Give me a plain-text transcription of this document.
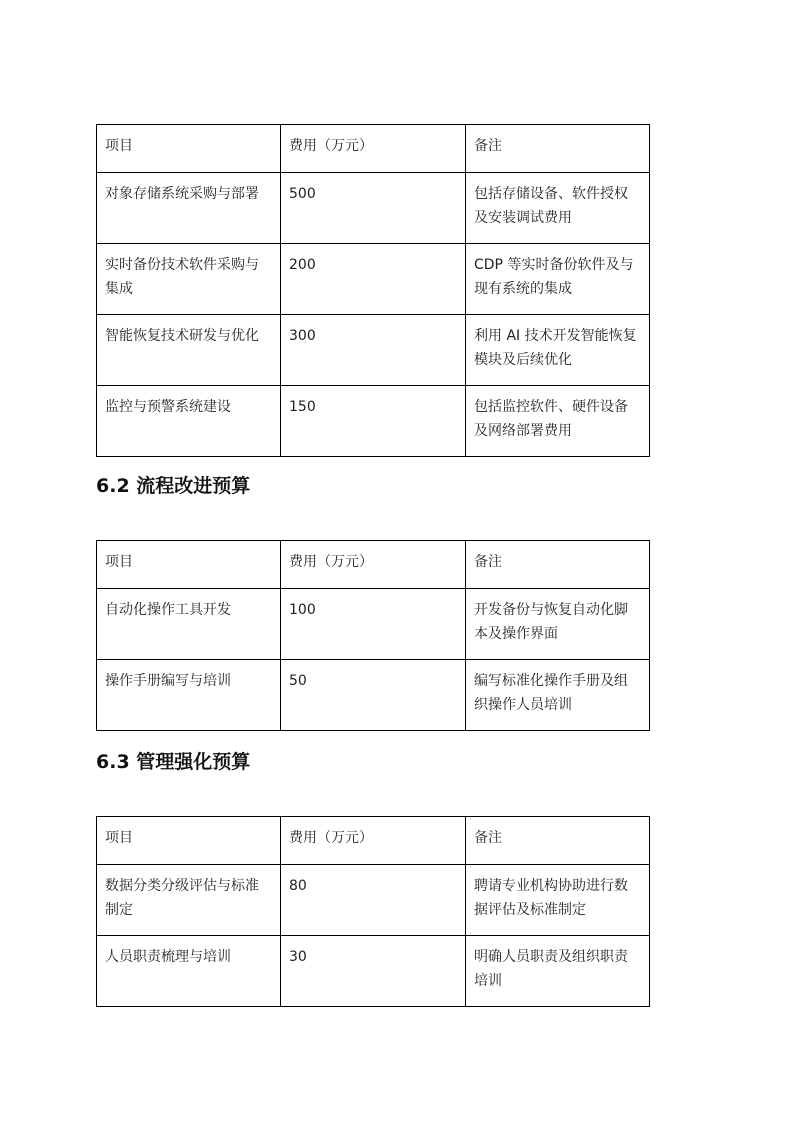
项目	费用（万元）	备注
对象存储系统采购与部署	500	包括存储设备、软件授权及安装调试费用
实时备份技术软件采购与集成	200	CDP 等实时备份软件及与现有系统的集成
智能恢复技术研发与优化	300	利用 AI 技术开发智能恢复模块及后续优化
监控与预警系统建设	150	包括监控软件、硬件设备及网络部署费用
6.2 流程改进预算
项目	费用（万元）	备注
自动化操作工具开发	100	开发备份与恢复自动化脚本及操作界面
操作手册编写与培训	50	编写标准化操作手册及组织操作人员培训
6.3 管理强化预算
项目	费用（万元）	备注
数据分类分级评估与标准制定	80	聘请专业机构协助进行数据评估及标准制定
人员职责梳理与培训	30	明确人员职责及组织职责培训
